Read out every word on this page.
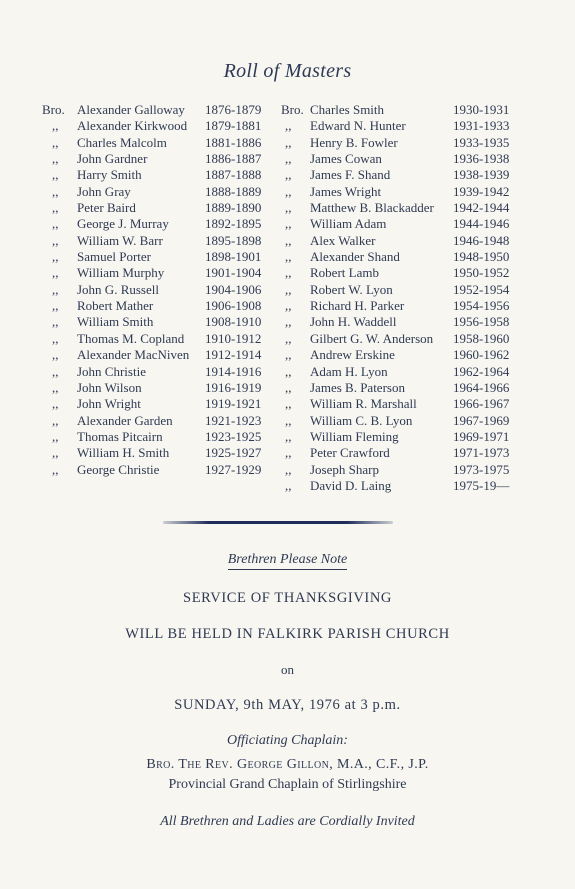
Roll of Masters
Bro. Alexander Galloway 1876-1879
,, Alexander Kirkwood 1879-1881
,, Charles Malcolm	1881-1886
,, John Gardner	1886-1887
,, Harry Smith	1887-1888
,, John Gray	1888-1889
,, Peter Baird	1889-1890
,, George J. Murray	1892-1895
,, William W. Barr	1895-1898
,, Samuel Porter	1898-1901
,, William Murphy	1901-1904
,, John G. Russell	1904-1906
,, Robert Mather	1906-1908
,, William Smith	1908-1910
,, Thomas M. Copland 1910-1912
,, Alexander MacNiven 1912-1914
,, John Christie	1914-1916
,, John Wilson	1916-1919
,, John Wright	1919-1921
,, Alexander Garden 1921-1923
,, Thomas Pitcairn	1923-1925
,, William H. Smith	1925-1927
,, George Christie	1927-1929
Bro. Charles Smith	1930-1931
,, Edward N. Hunter	1931-1933
,, Henry B. Fowler	1933-1935
,, James Cowan	1936-1938
,, James F. Shand	1938-1939
,, James Wright	1939-1942
,, Matthew B. Blackadder 1942-1944
,, William Adam	1944-1946
,, Alex Walker	1946-1948
,, Alexander Shand	1948-1950
,, Robert Lamb	1950-1952
,, Robert W. Lyon	1952-1954
,, Richard H. Parker	1954-1956
,, John H. Waddell	1956-1958
,, Gilbert G. W. Anderson 1958-1960
,, Andrew Erskine	1960-1962
,, Adam H. Lyon	1962-1964
,, James B. Paterson	1964-1966
,, William R. Marshall	1966-1967
,, William C. B. Lyon	1967-1969
,, William Fleming	1969-1971
,, Peter Crawford	1971-1973
,, Joseph Sharp	1973-1975
,, David D. Laing	1975-19—
Brethren Please Note
SERVICE OF THANKSGIVING
WILL BE HELD IN FALKIRK PARISH CHURCH
on
SUNDAY, 9th MAY, 1976 at 3 p.m.
Officiating Chaplain:
Bro. The Rev. George Gillon, M.A., C.F., J.P.
Provincial Grand Chaplain of Stirlingshire
All Brethren and Ladies are Cordially Invited
